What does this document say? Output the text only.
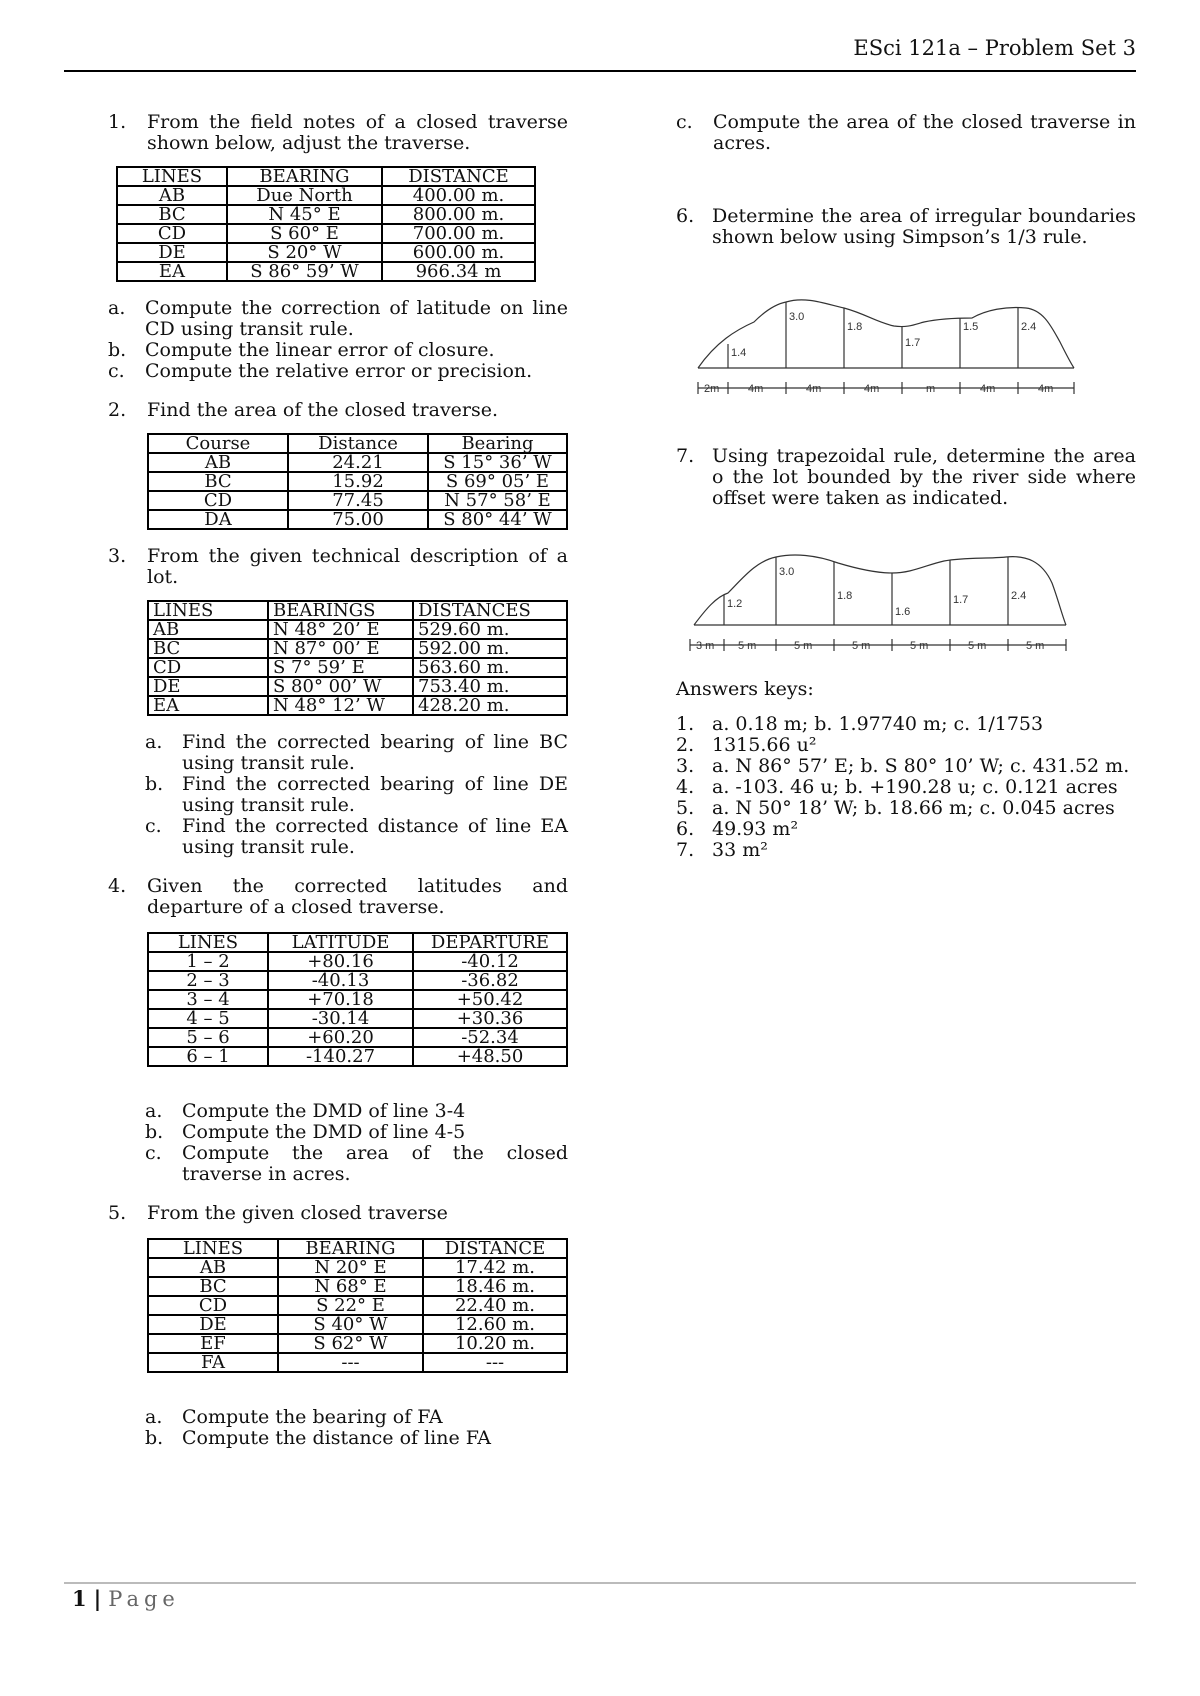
ESci 121a – Problem Set 3
1. From the field notes of a closed traverse shown below, adjust the traverse.
LINES	BEARING	DISTANCE
AB	Due North	400.00 m.
BC	N 45° E	800.00 m.
CD	S 60° E	700.00 m.
DE	S 20° W	600.00 m.
EA	S 86° 59’ W	966.34 m
a. Compute the correction of latitude on line CD using transit rule.
b. Compute the linear error of closure.
c. Compute the relative error or precision.
2. Find the area of the closed traverse.
Course	Distance	Bearing
AB	24.21	S 15° 36’ W
BC	15.92	S 69° 05’ E
CD	77.45	N 57° 58’ E
DA	75.00	S 80° 44’ W
3. From the given technical description of a lot.
LINES	BEARINGS	DISTANCES
AB	N 48° 20’ E	529.60 m.
BC	N 87° 00’ E	592.00 m.
CD	S 7° 59’ E	563.60 m.
DE	S 80° 00’ W	753.40 m.
EA	N 48° 12’ W	428.20 m.
a. Find the corrected bearing of line BC using transit rule.
b. Find the corrected bearing of line DE using transit rule.
c. Find the corrected distance of line EA using transit rule.
4. Given the corrected latitudes and departure of a closed traverse.
LINES	LATITUDE	DEPARTURE
1 – 2	+80.16	-40.12
2 – 3	-40.13	-36.82
3 – 4	+70.18	+50.42
4 – 5	-30.14	+30.36
5 – 6	+60.20	-52.34
6 – 1	-140.27	+48.50
a. Compute the DMD of line 3-4
b. Compute the DMD of line 4-5
c. Compute the area of the closed traverse in acres.
5. From the given closed traverse
LINES	BEARING	DISTANCE
AB	N 20° E	17.42 m.
BC	N 68° E	18.46 m.
CD	S 22° E	22.40 m.
DE	S 40° W	12.60 m.
EF	S 62° W	10.20 m.
FA	---	---
a. Compute the bearing of FA
b. Compute the distance of line FA
c. Compute the area of the closed traverse in acres.
6. Determine the area of irregular boundaries shown below using Simpson’s 1/3 rule.
1.4
3.0
1.8
1.7
1.5	2.4
2m	4m	4m	4m	m	4m	4m
7. Using trapezoidal rule, determine the area o the lot bounded by the river side where offset were taken as indicated.
1.2
3.0
1.8
1.6
1.7	2.4
3 m 5 m	5 m	5 m	5 m	5 m	5 m
Answers keys:
1. a. 0.18 m; b. 1.97740 m; c. 1/1753
2. 1315.66 u²
3. a. N 86° 57’ E; b. S 80° 10’ W; c. 431.52 m.
4. a. -103. 46 u; b. +190.28 u; c. 0.121 acres
5. a. N 50° 18’ W; b. 18.66 m; c. 0.045 acres
6. 49.93 m²
7. 33 m²
1 | Page
